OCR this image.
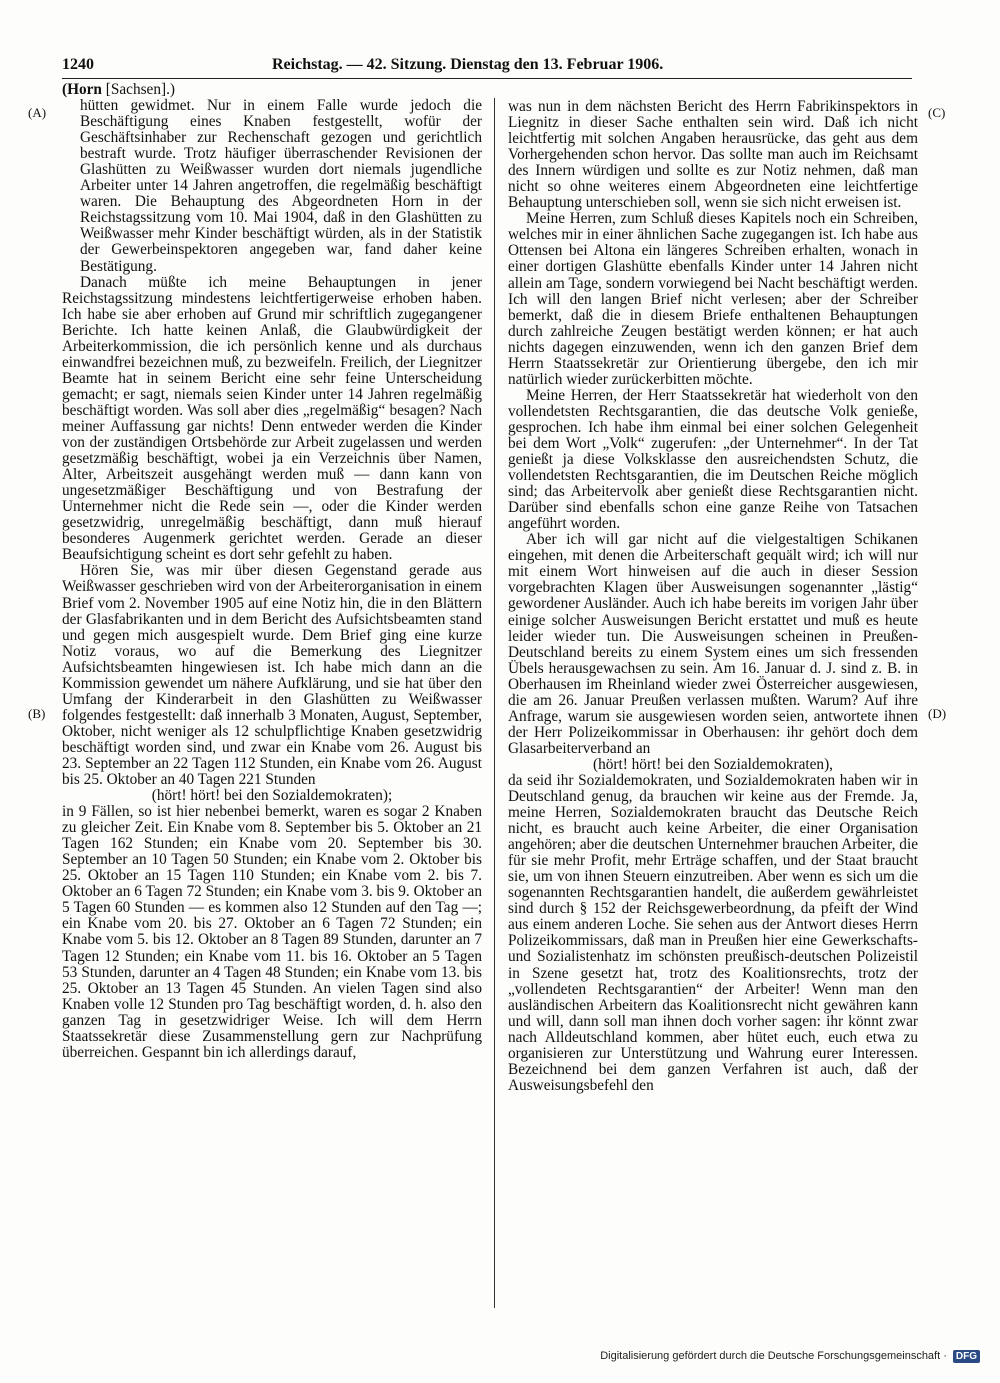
1240	Reichstag. — 42. Sitzung. Dienstag den 13. Februar 1906.
(A)
(B)
(C)
(D)

(Horn [Sachsen].)

hütten gewidmet. Nur in einem Falle wurde jedoch die Beschäftigung eines Knaben festgestellt, wofür der Geschäftsinhaber zur Rechenschaft gezogen und gerichtlich bestraft wurde. Trotz häufiger überraschender Revisionen der Glashütten zu Weißwasser wurden dort niemals jugendliche Arbeiter unter 14 Jahren angetroffen, die regelmäßig beschäftigt waren. Die Behauptung des Abgeordneten Horn in der Reichstagssitzung vom 10. Mai 1904, daß in den Glashütten zu Weißwasser mehr Kinder beschäftigt würden, als in der Statistik der Gewerbeinspektoren angegeben war, fand daher keine Bestätigung.

Danach müßte ich meine Behauptungen in jener Reichstagssitzung mindestens leichtfertigerweise erhoben haben. Ich habe sie aber erhoben auf Grund mir schriftlich zugegangener Berichte. Ich hatte keinen Anlaß, die Glaubwürdigkeit der Arbeiterkommission, die ich persönlich kenne und als durchaus einwandfrei bezeichnen muß, zu bezweifeln. Freilich, der Liegnitzer Beamte hat in seinem Bericht eine sehr feine Unterscheidung gemacht; er sagt, niemals seien Kinder unter 14 Jahren regelmäßig beschäftigt worden. Was soll aber dies „regelmäßig“ besagen? Nach meiner Auffassung gar nichts! Denn entweder werden die Kinder von der zuständigen Ortsbehörde zur Arbeit zugelassen und werden gesetzmäßig beschäftigt, wobei ja ein Verzeichnis über Namen, Alter, Arbeitszeit ausgehängt werden muß — dann kann von ungesetzmäßiger Beschäftigung und von Bestrafung der Unternehmer nicht die Rede sein —, oder die Kinder werden gesetzwidrig, unregelmäßig beschäftigt, dann muß hierauf besonderes Augenmerk gerichtet werden. Gerade an dieser Beaufsichtigung scheint es dort sehr gefehlt zu haben.

Hören Sie, was mir über diesen Gegenstand gerade aus Weißwasser geschrieben wird von der Arbeiterorganisation in einem Brief vom 2. November 1905 auf eine Notiz hin, die in den Blättern der Glasfabrikanten und in dem Bericht des Aufsichtsbeamten stand und gegen mich ausgespielt wurde. Dem Brief ging eine kurze Notiz voraus, wo auf die Bemerkung des Liegnitzer Aufsichtsbeamten hingewiesen ist. Ich habe mich dann an die Kommission gewendet um nähere Aufklärung, und sie hat über den Umfang der Kinderarbeit in den Glashütten zu Weißwasser folgendes festgestellt: daß innerhalb 3 Monaten, August, September, Oktober, nicht weniger als 12 schulpflichtige Knaben gesetzwidrig beschäftigt worden sind, und zwar ein Knabe vom 26. August bis 23. September an 22 Tagen 112 Stunden, ein Knabe vom 26. August bis 25. Oktober an 40 Tagen 221 Stunden

(hört! hört! bei den Sozialdemokraten);

in 9 Fällen, so ist hier nebenbei bemerkt, waren es sogar 2 Knaben zu gleicher Zeit. Ein Knabe vom 8. September bis 5. Oktober an 21 Tagen 162 Stunden; ein Knabe vom 20. September bis 30. September an 10 Tagen 50 Stunden; ein Knabe vom 2. Oktober bis 25. Oktober an 15 Tagen 110 Stunden; ein Knabe vom 2. bis 7. Oktober an 6 Tagen 72 Stunden; ein Knabe vom 3. bis 9. Oktober an 5 Tagen 60 Stunden — es kommen also 12 Stunden auf den Tag —; ein Knabe vom 20. bis 27. Oktober an 6 Tagen 72 Stunden; ein Knabe vom 5. bis 12. Oktober an 8 Tagen 89 Stunden, darunter an 7 Tagen 12 Stunden; ein Knabe vom 11. bis 16. Oktober an 5 Tagen 53 Stunden, darunter an 4 Tagen 48 Stunden; ein Knabe vom 13. bis 25. Oktober an 13 Tagen 45 Stunden. An vielen Tagen sind also Knaben volle 12 Stunden pro Tag beschäftigt worden, d. h. also den ganzen Tag in gesetzwidriger Weise. Ich will dem Herrn Staatssekretär diese Zusammenstellung gern zur Nachprüfung überreichen. Gespannt bin ich allerdings darauf,

was nun in dem nächsten Bericht des Herrn Fabrikinspektors in Liegnitz in dieser Sache enthalten sein wird. Daß ich nicht leichtfertig mit solchen Angaben herausrücke, das geht aus dem Vorhergehenden schon hervor. Das sollte man auch im Reichsamt des Innern würdigen und sollte es zur Notiz nehmen, daß man nicht so ohne weiteres einem Abgeordneten eine leichtfertige Behauptung unterschieben soll, wenn sie sich nicht erweisen ist.

Meine Herren, zum Schluß dieses Kapitels noch ein Schreiben, welches mir in einer ähnlichen Sache zugegangen ist. Ich habe aus Ottensen bei Altona ein längeres Schreiben erhalten, wonach in einer dortigen Glashütte ebenfalls Kinder unter 14 Jahren nicht allein am Tage, sondern vorwiegend bei Nacht beschäftigt werden. Ich will den langen Brief nicht verlesen; aber der Schreiber bemerkt, daß die in diesem Briefe enthaltenen Behauptungen durch zahlreiche Zeugen bestätigt werden können; er hat auch nichts dagegen einzuwenden, wenn ich den ganzen Brief dem Herrn Staatssekretär zur Orientierung übergebe, den ich mir natürlich wieder zurückerbitten möchte.

Meine Herren, der Herr Staatssekretär hat wiederholt von den vollendetsten Rechtsgarantien, die das deutsche Volk genieße, gesprochen. Ich habe ihm einmal bei einer solchen Gelegenheit bei dem Wort „Volk“ zugerufen: „der Unternehmer“. In der Tat genießt ja diese Volksklasse den ausreichendsten Schutz, die vollendetsten Rechtsgarantien, die im Deutschen Reiche möglich sind; das Arbeitervolk aber genießt diese Rechtsgarantien nicht. Darüber sind ebenfalls schon eine ganze Reihe von Tatsachen angeführt worden.

Aber ich will gar nicht auf die vielgestaltigen Schikanen eingehen, mit denen die Arbeiterschaft gequält wird; ich will nur mit einem Wort hinweisen auf die auch in dieser Session vorgebrachten Klagen über Ausweisungen sogenannter „lästig“ gewordener Ausländer. Auch ich habe bereits im vorigen Jahr über einige solcher Ausweisungen Bericht erstattet und muß es heute leider wieder tun. Die Ausweisungen scheinen in Preußen-Deutschland bereits zu einem System eines um sich fressenden Übels herausgewachsen zu sein. Am 16. Januar d. J. sind z. B. in Oberhausen im Rheinland wieder zwei Österreicher ausgewiesen, die am 26. Januar Preußen verlassen mußten. Warum? Auf ihre Anfrage, warum sie ausgewiesen worden seien, antwortete ihnen der Herr Polizeikommissar in Oberhausen: ihr gehört doch dem Glasarbeiterverband an

(hört! hört! bei den Sozialdemokraten),

da seid ihr Sozialdemokraten, und Sozialdemokraten haben wir in Deutschland genug, da brauchen wir keine aus der Fremde. Ja, meine Herren, Sozialdemokraten braucht das Deutsche Reich nicht, es braucht auch keine Arbeiter, die einer Organisation angehören; aber die deutschen Unternehmer brauchen Arbeiter, die für sie mehr Profit, mehr Erträge schaffen, und der Staat braucht sie, um von ihnen Steuern einzutreiben. Aber wenn es sich um die sogenannten Rechtsgarantien handelt, die außerdem gewährleistet sind durch § 152 der Reichsgewerbeordnung, da pfeift der Wind aus einem anderen Loche. Sie sehen aus der Antwort dieses Herrn Polizeikommissars, daß man in Preußen hier eine Gewerkschafts- und Sozialistenhatz im schönsten preußisch-deutschen Polizeistil in Szene gesetzt hat, trotz des Koalitionsrechts, trotz der „vollendeten Rechtsgarantien“ der Arbeiter! Wenn man den ausländischen Arbeitern das Koalitionsrecht nicht gewähren kann und will, dann soll man ihnen doch vorher sagen: ihr könnt zwar nach Alldeutschland kommen, aber hütet euch, euch etwa zu organisieren zur Unterstützung und Wahrung eurer Interessen. Bezeichnend bei dem ganzen Verfahren ist auch, daß der Ausweisungsbefehl den

Digitalisierung gefördert durch die Deutsche Forschungsgemeinschaft · DFG
